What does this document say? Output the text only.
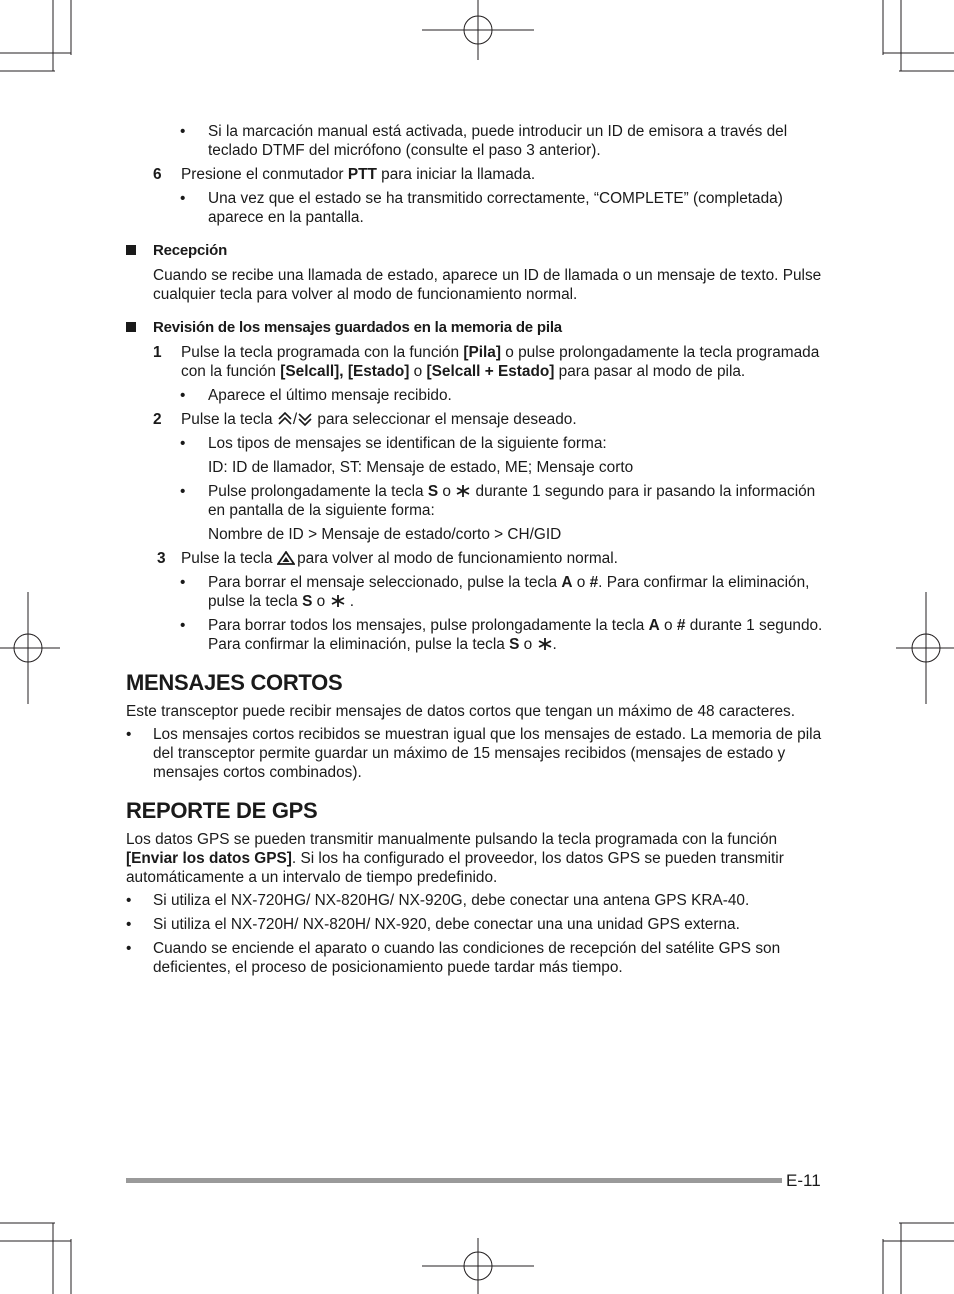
• Si la marcación manual está activada, puede introducir un ID de emisora a través del teclado DTMF del micrófono (consulte el paso 3 anterior).
6 Presione el conmutador PTT para iniciar la llamada.
• Una vez que el estado se ha transmitido correctamente, “COMPLETE” (completada) aparece en la pantalla.
Recepción
Cuando se recibe una llamada de estado, aparece un ID de llamada o un mensaje de texto. Pulse cualquier tecla para volver al modo de funcionamiento normal.
Revisión de los mensajes guardados en la memoria de pila
1 Pulse la tecla programada con la función [Pila] o pulse prolongadamente la tecla programada con la función [Selcall], [Estado] o [Selcall + Estado] para pasar al modo de pila.
• Aparece el último mensaje recibido.
2 Pulse la tecla
/
para seleccionar el mensaje deseado.
• Los tipos de mensajes se identifican de la siguiente forma:
ID: ID de llamador, ST: Mensaje de estado, ME; Mensaje corto
• Pulse prolongadamente la tecla S o
durante 1 segundo para ir pasando la información en pantalla de la siguiente forma:
Nombre de ID > Mensaje de estado/corto > CH/GID
3 Pulse la tecla
para volver al modo de funcionamiento normal.
• Para borrar el mensaje seleccionado, pulse la tecla A o #. Para confirmar la eliminación, pulse la tecla S o
.
• Para borrar todos los mensajes, pulse prolongadamente la tecla A o # durante 1 segundo. Para confirmar la eliminación, pulse la tecla S o
.
MENSAJES CORTOS
Este transceptor puede recibir mensajes de datos cortos que tengan un máximo de 48 caracteres.
• Los mensajes cortos recibidos se muestran igual que los mensajes de estado. La memoria de pila del transceptor permite guardar un máximo de 15 mensajes recibidos (mensajes de estado y mensajes cortos combinados).
REPORTE DE GPS
Los datos GPS se pueden transmitir manualmente pulsando la tecla programada con la función [Enviar los datos GPS]. Si los ha configurado el proveedor, los datos GPS se pueden transmitir automáticamente a un intervalo de tiempo predefinido.
• Si utiliza el NX-720HG/ NX-820HG/ NX-920G, debe conectar una antena GPS KRA-40.
• Si utiliza el NX-720H/ NX-820H/ NX-920, debe conectar una una unidad GPS externa.
• Cuando se enciende el aparato o cuando las condiciones de recepción del satélite GPS son deficientes, el proceso de posicionamiento puede tardar más tiempo.
E-11
